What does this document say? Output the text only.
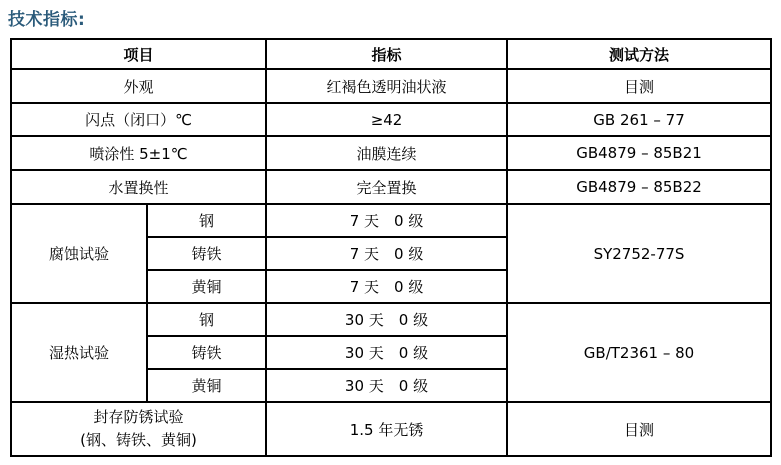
技术指标:
项目		指标	测试方法
外观		红褐色透明油状液	目测
闪点（闭口）℃		≥42	GB 261 – 77
喷涂性 5±1℃		油膜连续	GB4879 – 85B21
水置换性		完全置换	GB4879 – 85B22
腐蚀试验	钢	7 天　0 级	SY2752-77S
	铸铁	7 天　0 级	
	黄铜	7 天　0 级	
湿热试验	钢	30 天　0 级	GB/T2361 – 80
	铸铁	30 天　0 级	
	黄铜	30 天　0 级	

封存防锈试验
(钢、铸铁、黄铜)		1.5 年无锈	目测
